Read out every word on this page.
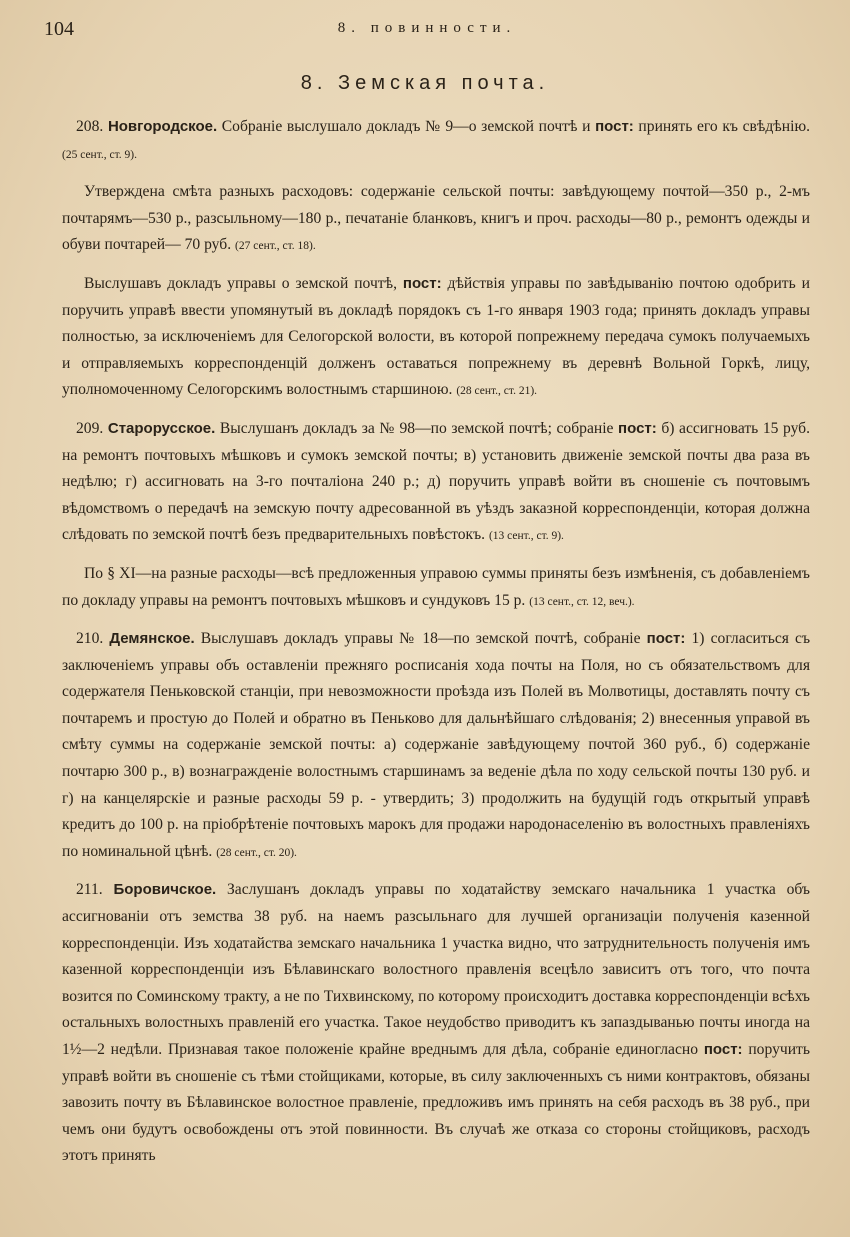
104	8. повинности.
8. Земская почта.

208. Новгородское. Собраніе выслушало докладъ № 9—о земской почтѣ и пост: принять его къ свѣдѣнію. (25 сент., ст. 9).

Утверждена смѣта разныхъ расходовъ: содержаніе сельской почты: завѣдующему почтой—350 р., 2-мъ почтарямъ—530 р., разсыльному—180 р., печатаніе бланковъ, книгъ и проч. расходы—80 р., ремонтъ одежды и обуви почтарей— 70 руб. (27 сент., ст. 18).

Выслушавъ докладъ управы о земской почтѣ, пост: дѣйствія управы по завѣдыванію почтою одобрить и поручить управѣ ввести упомянутый въ докладѣ порядокъ съ 1-го января 1903 года; принять докладъ управы полностью, за исключеніемъ для Селогорской волости, въ которой попрежнему передача сумокъ получаемыхъ и отправляемыхъ корреспонденцій долженъ оставаться попрежнему въ деревнѣ Вольной Горкѣ, лицу, уполномоченному Селогорскимъ волостнымъ старшиною. (28 сент., ст. 21).

209. Старорусское. Выслушанъ докладъ за № 98—по земской почтѣ; собраніе пост: б) ассигновать 15 руб. на ремонтъ почтовыхъ мѣшковъ и сумокъ земской почты; в) установить движеніе земской почты два раза въ недѣлю; г) ассигновать на 3-го почталіона 240 р.; д) поручить управѣ войти въ сношеніе съ почтовымъ вѣдомствомъ о передачѣ на земскую почту адресованной въ уѣздъ заказной корреспонденціи, которая должна слѣдовать по земской почтѣ безъ предварительныхъ повѣстокъ. (13 сент., ст. 9).

По § XI—на разные расходы—всѣ предложенныя управою суммы приняты безъ измѣненія, съ добавленіемъ по докладу управы на ремонтъ почтовыхъ мѣшковъ и сундуковъ 15 р. (13 сент., ст. 12, веч.).

210. Демянское. Выслушавъ докладъ управы № 18—по земской почтѣ, собраніе пост: 1) согласиться съ заключеніемъ управы объ оставленіи прежняго росписанія хода почты на Поля, но съ обязательствомъ для содержателя Пеньковской станціи, при невозможности проѣзда изъ Полей въ Молвотицы, доставлять почту съ почтаремъ и простую до Полей и обратно въ Пеньково для дальнѣйшаго слѣдованія; 2) внесенныя управой въ смѣту суммы на содержаніе земской почты: а) содержаніе завѣдующему почтой 360 руб., б) содержаніе почтарю 300 р., в) вознагражденіе волостнымъ старшинамъ за веденіе дѣла по ходу сельской почты 130 руб. и г) на канцелярскіе и разные расходы 59 р. - утвердить; 3) продолжить на будущій годъ открытый управѣ кредитъ до 100 р. на пріобрѣтеніе почтовыхъ марокъ для продажи народонаселенію въ волостныхъ правленіяхъ по номинальной цѣнѣ. (28 сент., ст. 20).

211. Боровичское. Заслушанъ докладъ управы по ходатайству земскаго начальника 1 участка объ ассигнованіи отъ земства 38 руб. на наемъ разсыльнаго для лучшей организаціи полученія казенной корреспонденціи. Изъ ходатайства земскаго начальника 1 участка видно, что затруднительность полученія имъ казенной корреспонденціи изъ Бѣлавинскаго волостного правленія всецѣло зависитъ отъ того, что почта возится по Соминскому тракту, а не по Тихвинскому, по которому происходитъ доставка корреспонденціи всѣхъ остальныхъ волостныхъ правленій его участка. Такое неудобство приводитъ къ запаздыванью почты иногда на 1½—2 недѣли. Признавая такое положеніе крайне вреднымъ для дѣла, собраніе единогласно пост: поручить управѣ войти въ сношеніе съ тѣми стойщиками, которые, въ силу заключенныхъ съ ними контрактовъ, обязаны завозить почту въ Бѣлавинское волостное правленіе, предложивъ имъ принять на себя расходъ въ 38 руб., при чемъ они будутъ освобождены отъ этой повинности. Въ случаѣ же отказа со стороны стойщиковъ, расходъ этотъ принять
